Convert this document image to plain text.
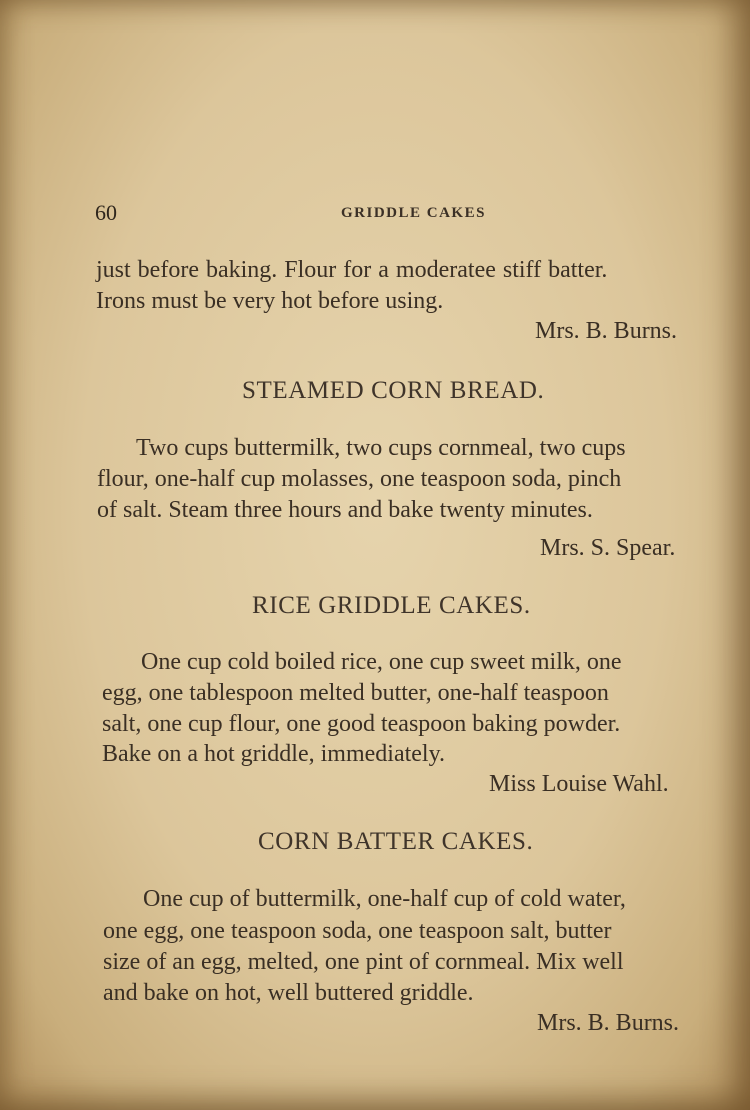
60	GRIDDLE CAKES
just before baking. Flour for a moderatee stiff batter.
Irons must be very hot before using.
Mrs. B. Burns.
STEAMED CORN BREAD.
Two cups buttermilk, two cups cornmeal, two cups
flour, one-half cup molasses, one teaspoon soda, pinch
of salt. Steam three hours and bake twenty minutes.
Mrs. S. Spear.
RICE GRIDDLE CAKES.
One cup cold boiled rice, one cup sweet milk, one
egg, one tablespoon melted butter, one-half teaspoon
salt, one cup flour, one good teaspoon baking powder.
Bake on a hot griddle, immediately.
Miss Louise Wahl.
CORN BATTER CAKES.
One cup of buttermilk, one-half cup of cold water,
one egg, one teaspoon soda, one teaspoon salt, butter
size of an egg, melted, one pint of cornmeal. Mix well
and bake on hot, well buttered griddle.
Mrs. B. Burns.
